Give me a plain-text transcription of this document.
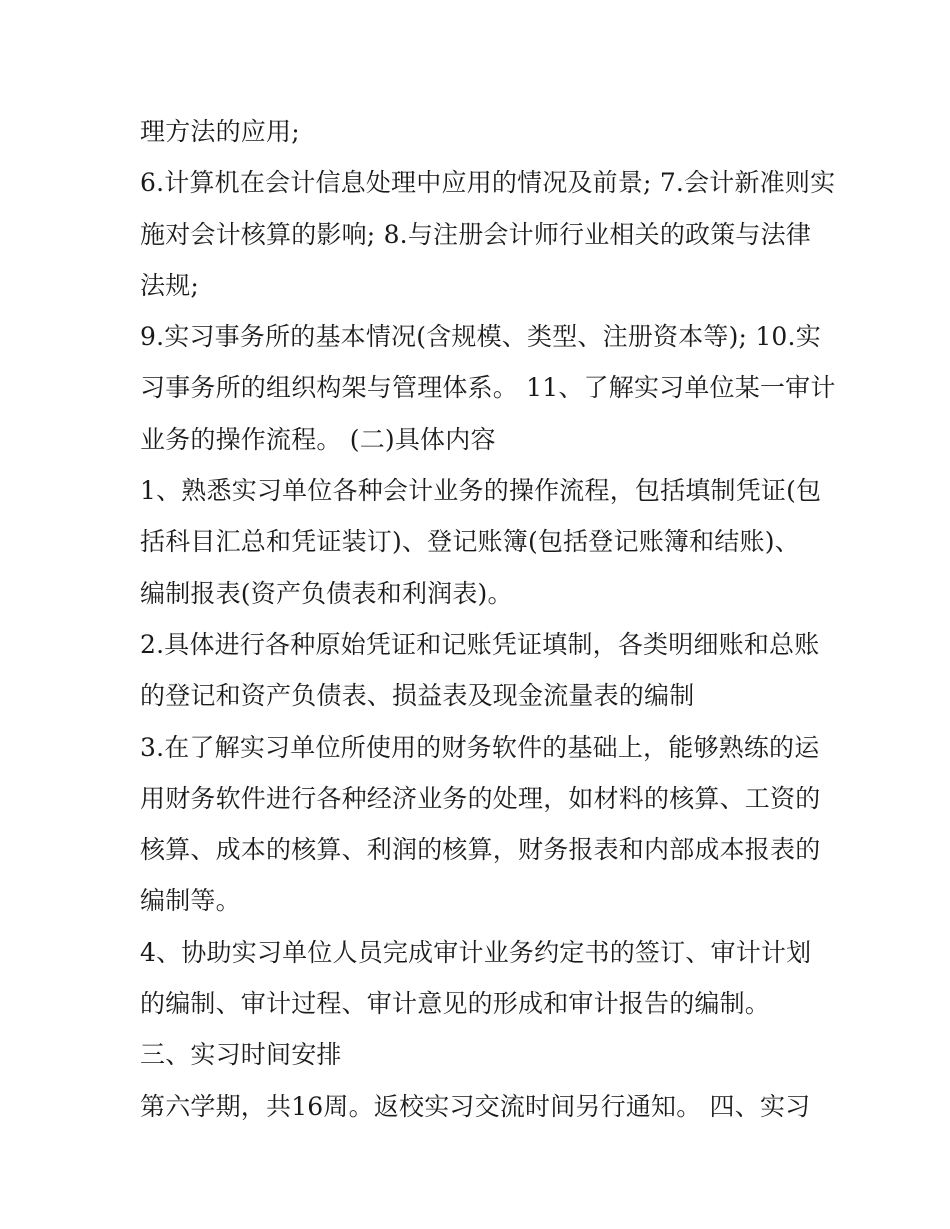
理方法的应用;
6.计算机在会计信息处理中应用的情况及前景; 7.会计新准则实
施对会计核算的影响; 8.与注册会计师行业相关的政策与法律
法规;
9.实习事务所的基本情况(含规模、类型、注册资本等); 10.实
习事务所的组织构架与管理体系。 11、了解实习单位某一审计
业务的操作流程。 (二)具体内容
1、熟悉实习单位各种会计业务的操作流程，包括填制凭证(包
括科目汇总和凭证装订)、登记账簿(包括登记账簿和结账)、
编制报表(资产负债表和利润表)。
2.具体进行各种原始凭证和记账凭证填制，各类明细账和总账
的登记和资产负债表、损益表及现金流量表的编制
3.在了解实习单位所使用的财务软件的基础上，能够熟练的运
用财务软件进行各种经济业务的处理，如材料的核算、工资的
核算、成本的核算、利润的核算，财务报表和内部成本报表的
编制等。
4、协助实习单位人员完成审计业务约定书的签订、审计计划
的编制、审计过程、审计意见的形成和审计报告的编制。
三、实习时间安排
第六学期，共16周。返校实习交流时间另行通知。 四、实习
